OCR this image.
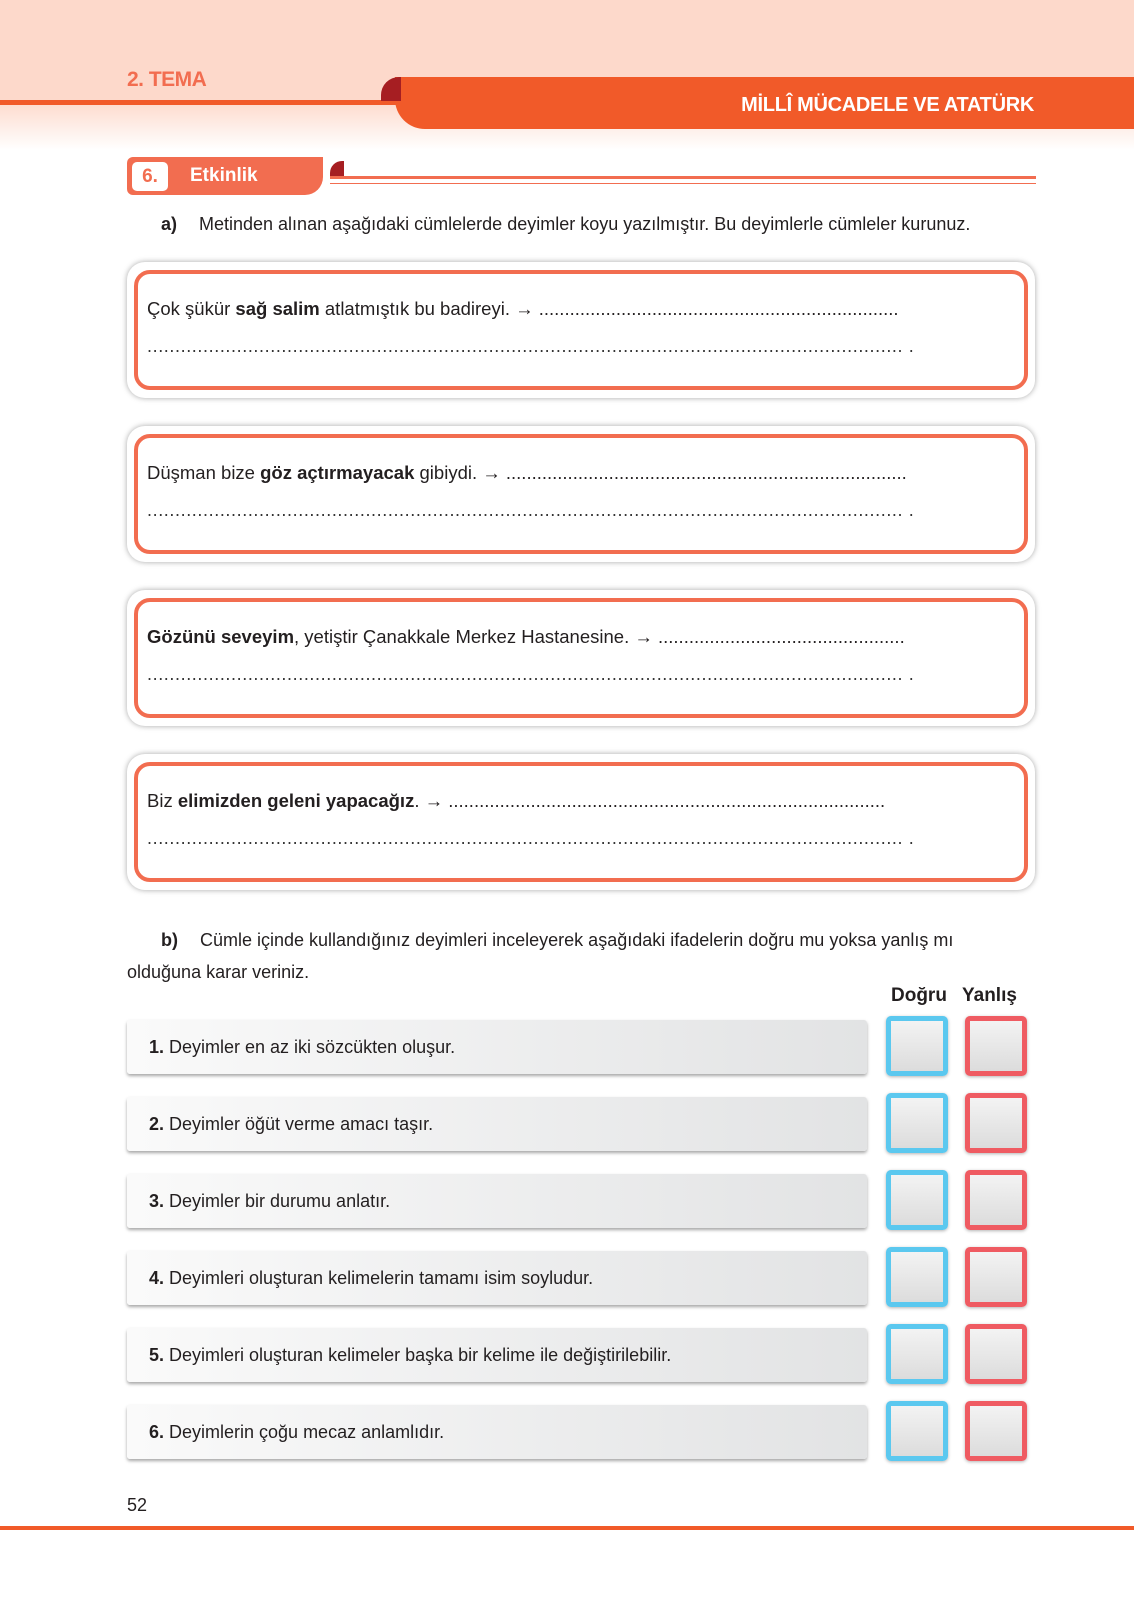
2. TEMA
MİLLÎ MÜCADELE VE ATATÜRK
6.	Etkinlik
a) Metinden alınan aşağıdaki cümlelerde deyimler koyu yazılmıştır. Bu deyimlerle cümleler kurunuz.
Çok şükür sağ salim atlatmıştık bu badireyi. → ......................................................................
....................................................................................................................................... .
Düşman bize göz açtırmayacak gibiydi. → ..............................................................................
....................................................................................................................................... .
Gözünü seveyim, yetiştir Çanakkale Merkez Hastanesine. → ................................................
....................................................................................................................................... .
Biz elimizden geleni yapacağız. → .....................................................................................
....................................................................................................................................... .
b) Cümle içinde kullandığınız deyimleri inceleyerek aşağıdaki ifadelerin doğru mu yoksa yanlış mı
olduğuna karar veriniz.
Doğru Yanlış
1. Deyimler en az iki sözcükten oluşur.
2. Deyimler öğüt verme amacı taşır.
3. Deyimler bir durumu anlatır.
4. Deyimleri oluşturan kelimelerin tamamı isim soyludur.
5. Deyimleri oluşturan kelimeler başka bir kelime ile değiştirilebilir.
6. Deyimlerin çoğu mecaz anlamlıdır.
52
